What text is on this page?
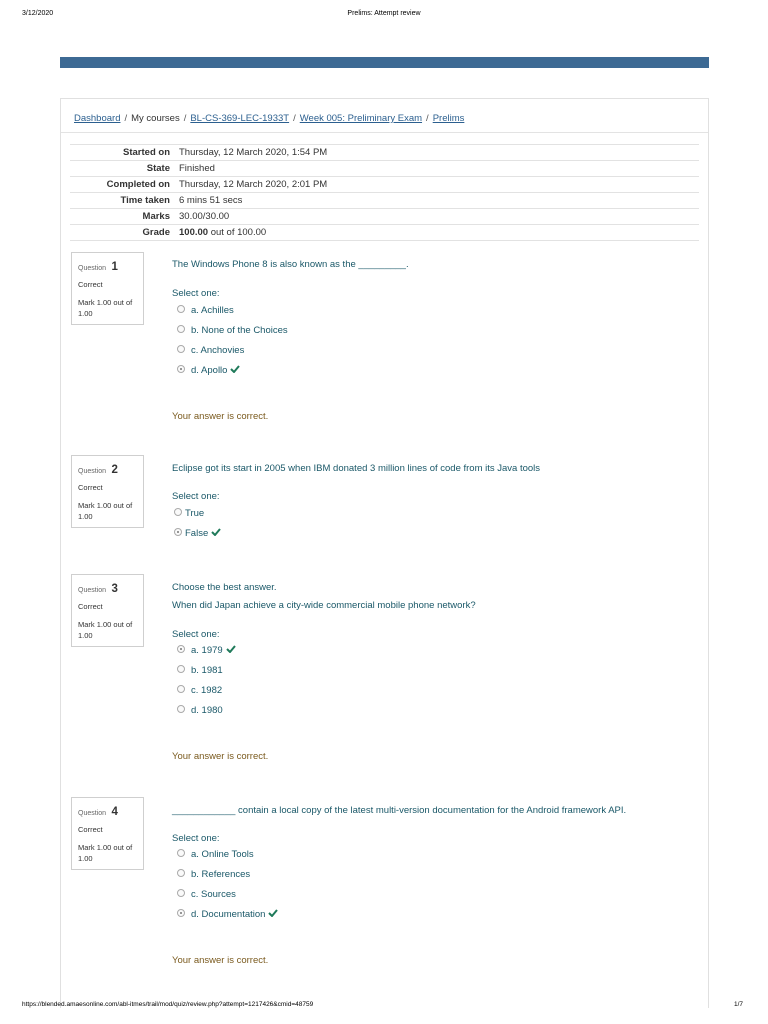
3/12/2020	Prelims: Attempt review
Dashboard / My courses / BL-CS-369-LEC-1933T / Week 005: Preliminary Exam / Prelims
Started on	Thursday, 12 March 2020, 1:54 PM
State	Finished
Completed on	Thursday, 12 March 2020, 2:01 PM
Time taken	6 mins 51 secs
Marks	30.00/30.00
Grade	100.00 out of 100.00
Question 1
Correct
Mark 1.00 out of 1.00
The Windows Phone 8 is also known as the _________.
Select one:
a. Achilles
b. None of the Choices
c. Anchovies
d. Apollo
Your answer is correct.
Question 2
Correct
Mark 1.00 out of 1.00
Eclipse got its start in 2005 when IBM donated 3 million lines of code from its Java tools
Select one:
True
False
Question 3
Correct
Mark 1.00 out of 1.00
Choose the best answer.
When did Japan achieve a city-wide commercial mobile phone network?
Select one:
a. 1979
b. 1981
c. 1982
d. 1980
Your answer is correct.
Question 4
Correct
Mark 1.00 out of 1.00
____________ contain a local copy of the latest multi-version documentation for the Android framework API.
Select one:
a. Online Tools
b. References
c. Sources
d. Documentation
Your answer is correct.
https://blended.amaesonline.com/abl-itmes/trail/mod/quiz/review.php?attempt=1217426&cmid=48759	1/7
